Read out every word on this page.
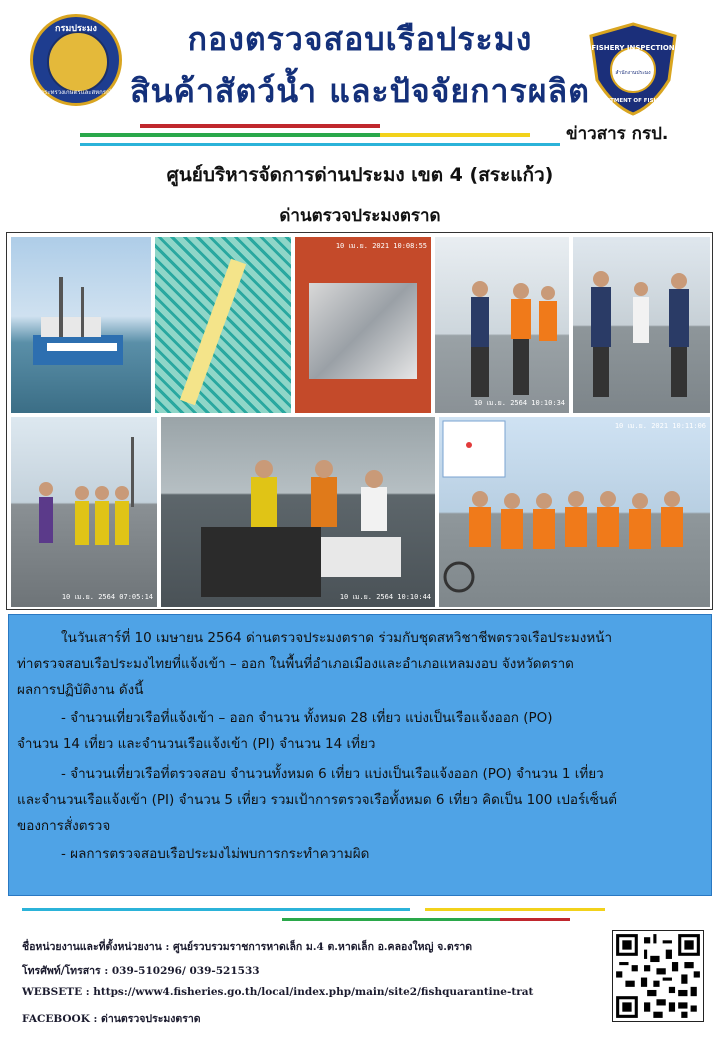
กรมประมง
กระทรวงเกษตรและสหกรณ์
FISHERY INSPECTION
สำนักงานประมง
DEPARTMENT OF FISHERIES
กองตรวจสอบเรือประมง
สินค้าสัตว์น้ำ และปัจจัยการผลิต
ข่าวสาร กรป.
ศูนย์บริหารจัดการด่านประมง เขต 4 (สระแก้ว)
ด่านตรวจประมงตราด
10 เม.ย. 2021 10:08:55
10 เม.ย. 2564 10:10:34
10 เม.ย. 2564 07:05:14	10 เม.ย. 2564 10:10:44
10 เม.ย. 2021 10:11:06
ในวันเสาร์ที่ 10 เมษายน 2564 ด่านตรวจประมงตราด ร่วมกับชุดสหวิชาชีพตรวจเรือประมงหน้า
ท่าตรวจสอบเรือประมงไทยที่แจ้งเข้า – ออก ในพื้นที่อำเภอเมืองและอำเภอแหลมงอบ จังหวัดตราด
ผลการปฏิบัติงาน ดังนี้
- จำนวนเที่ยวเรือที่แจ้งเข้า – ออก จำนวน ทั้งหมด 28 เที่ยว แบ่งเป็นเรือแจ้งออก (PO)
จำนวน 14 เที่ยว และจำนวนเรือแจ้งเข้า (PI) จำนวน 14 เที่ยว
- จำนวนเที่ยวเรือที่ตรวจสอบ จำนวนทั้งหมด 6 เที่ยว แบ่งเป็นเรือแจ้งออก (PO) จำนวน 1 เที่ยว
และจำนวนเรือแจ้งเข้า (PI) จำนวน 5 เที่ยว รวมเป้าการตรวจเรือทั้งหมด 6 เที่ยว คิดเป็น 100 เปอร์เซ็นต์
ของการสั่งตรวจ
- ผลการตรวจสอบเรือประมงไม่พบการกระทำความผิด
ชื่อหน่วยงานและที่ตั้งหน่วยงาน : ศูนย์รวบรวมราชการหาดเล็ก ม.4 ต.หาดเล็ก อ.คลองใหญ่ จ.ตราด
โทรศัพท์/โทรสาร : 039-510296/ 039-521533
WEBSETE : https://www4.fisheries.go.th/local/index.php/main/site2/fishquarantine-trat
FACEBOOK : ด่านตรวจประมงตราด
